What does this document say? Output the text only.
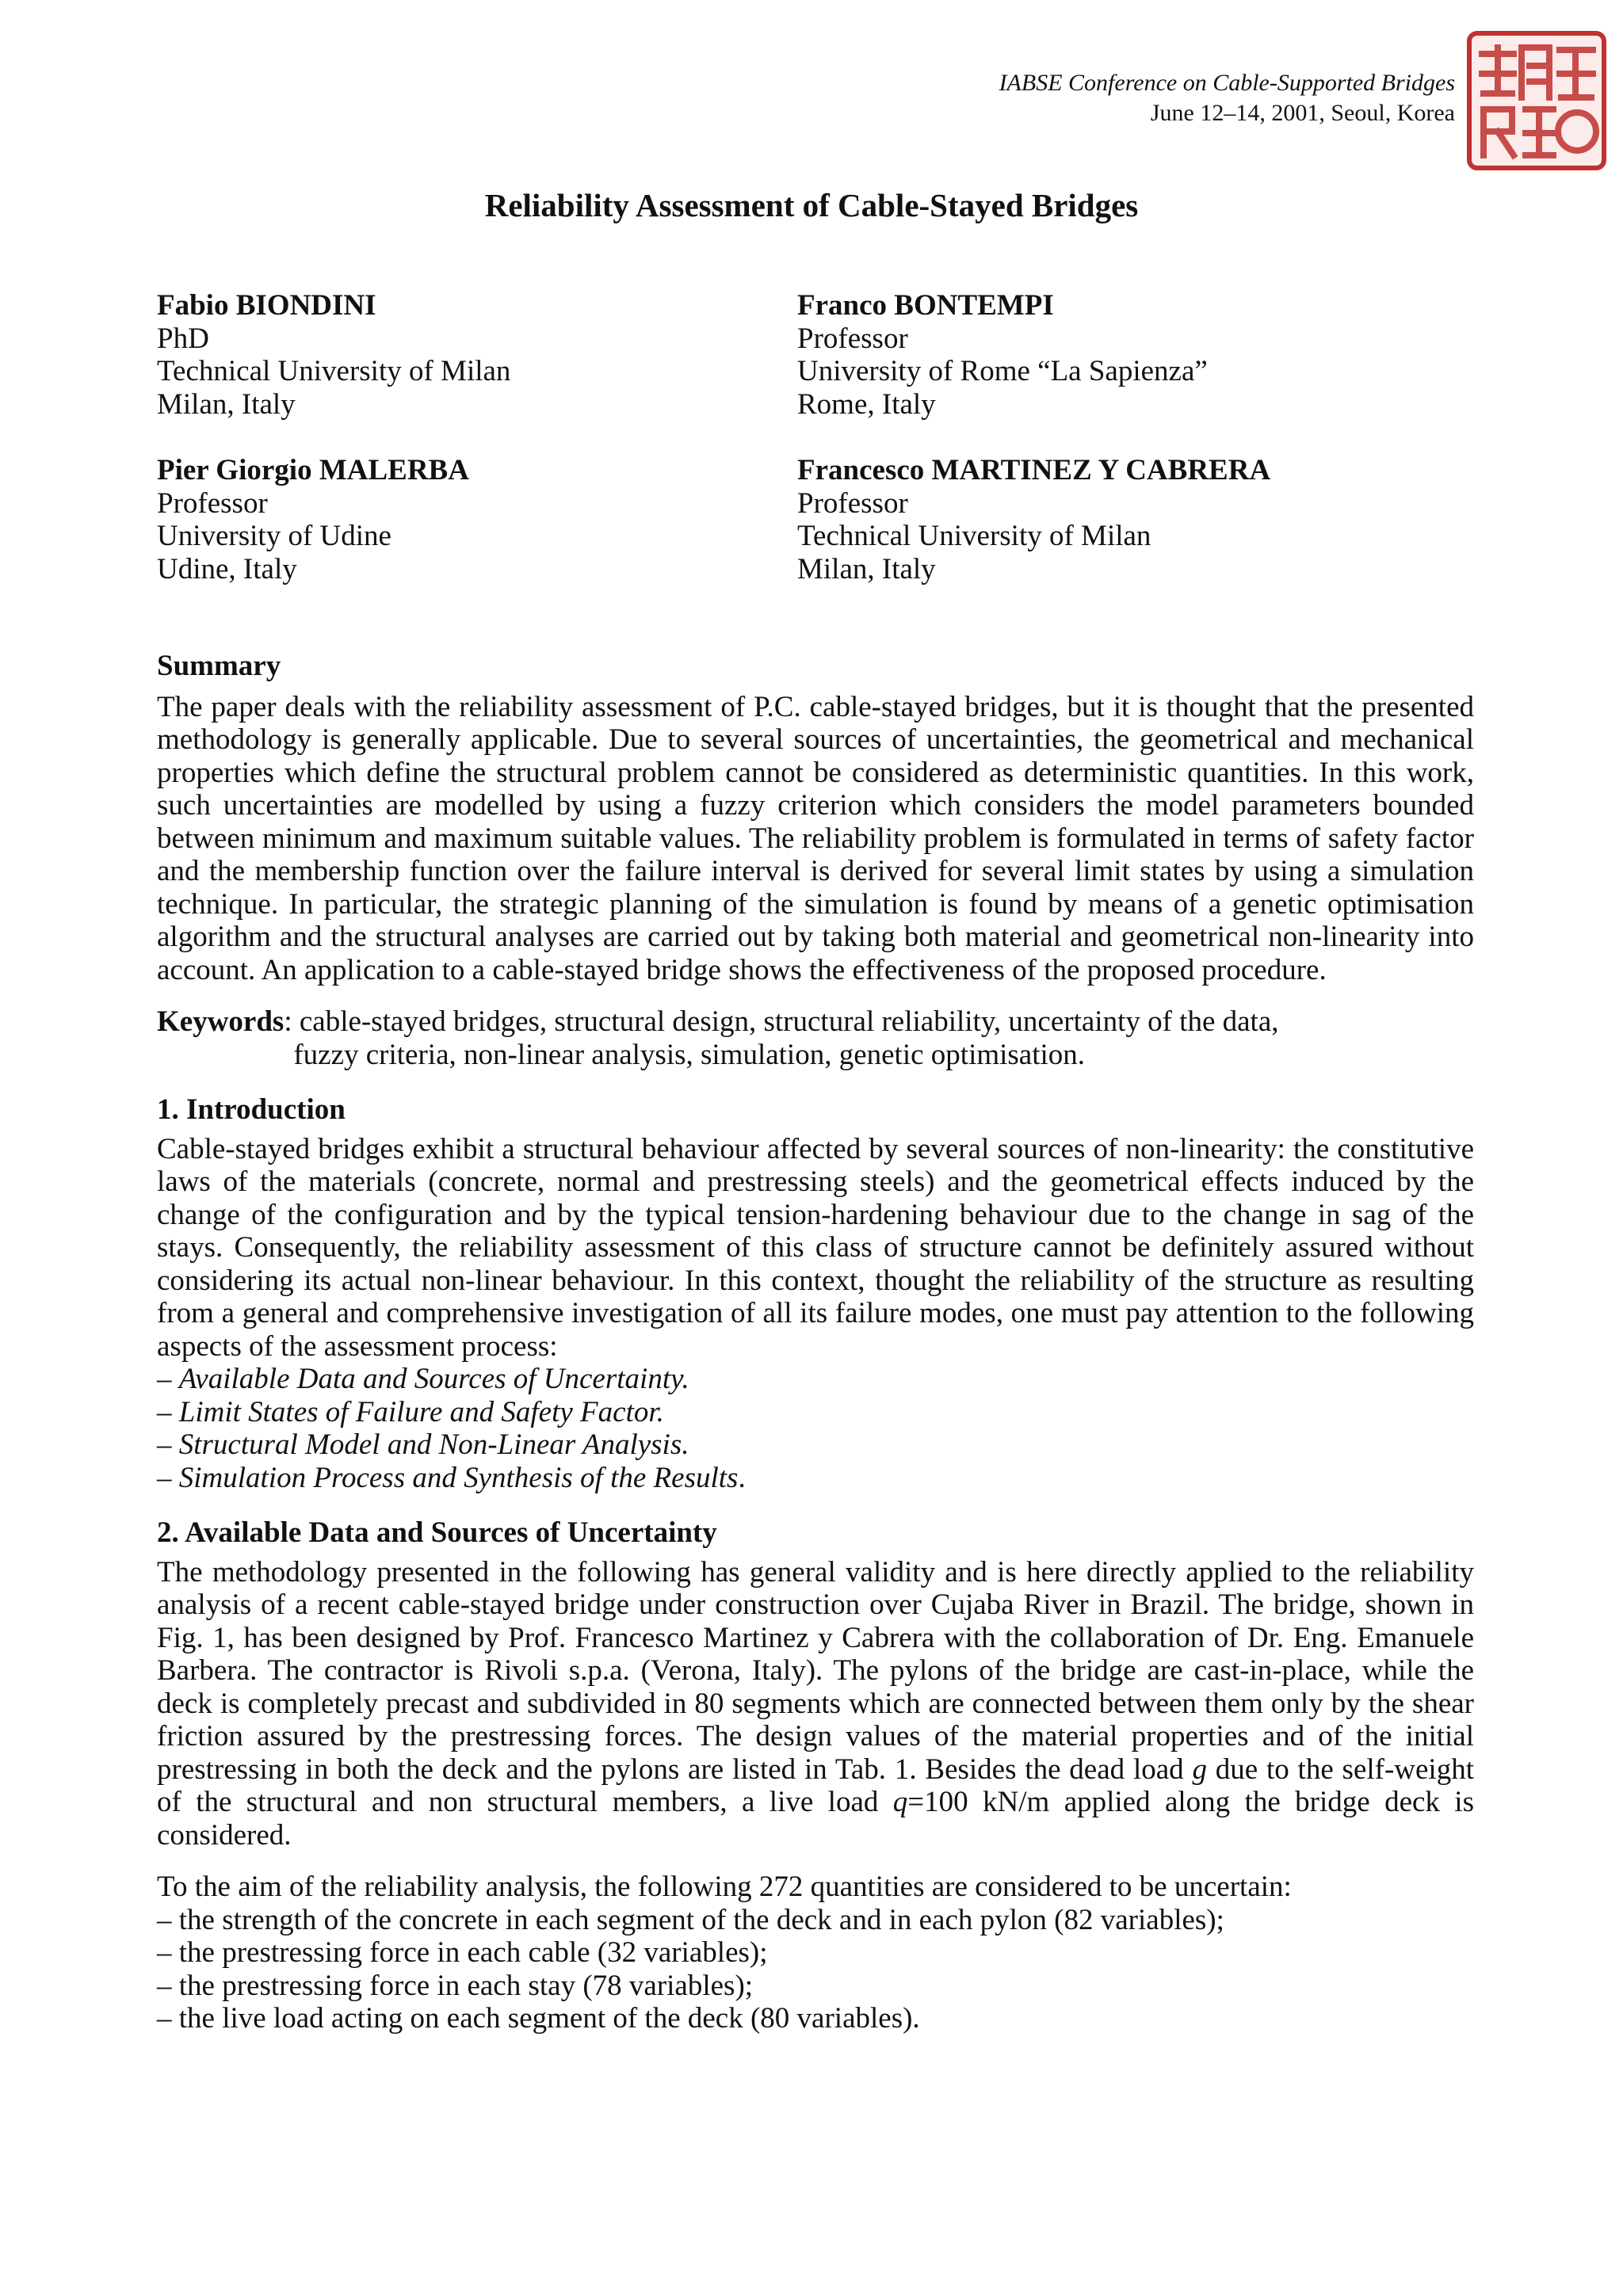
IABSE Conference on Cable-Supported Bridges
June 12–14, 2001, Seoul, Korea
Reliability Assessment of Cable-Stayed Bridges
Fabio BIONDINI
PhD
Technical University of Milan
Milan, Italy
Franco BONTEMPI
Professor
University of Rome “La Sapienza”
Rome, Italy
Pier Giorgio MALERBA
Professor
University of Udine
Udine, Italy
Francesco MARTINEZ Y CABRERA
Professor
Technical University of Milan
Milan, Italy
Summary

The paper deals with the reliability assessment of P.C. cable-stayed bridges, but it is thought that the presented methodology is generally applicable. Due to several sources of uncertainties, the geometrical and mechanical properties which define the structural problem cannot be considered as deterministic quantities. In this work, such uncertainties are modelled by using a fuzzy criterion which considers the model parameters bounded between minimum and maximum suitable values. The reliability problem is formulated in terms of safety factor and the membership function over the failure interval is derived for several limit states by using a simulation technique. In particular, the strategic planning of the simulation is found by means of a genetic optimisation algorithm and the structural analyses are carried out by taking both material and geometrical non-linearity into account. An application to a cable-stayed bridge shows the effectiveness of the proposed procedure.

Keywords : cable-stayed bridges, structural design, structural reliability, uncertainty of the data,
fuzzy criteria, non-linear analysis, simulation, genetic optimisation.
1. Introduction

Cable-stayed bridges exhibit a structural behaviour affected by several sources of non-linearity: the constitutive laws of the materials (concrete, normal and prestressing steels) and the geometrical effects induced by the change of the configuration and by the typical tension-hardening behaviour due to the change in sag of the stays. Consequently, the reliability assessment of this class of structure cannot be definitely assured without considering its actual non-linear behaviour. In this context, thought the reliability of the structure as resulting from a general and comprehensive investigation of all its failure modes, one must pay attention to the following aspects of the assessment process:

– Available Data and Sources of Uncertainty.
– Limit States of Failure and Safety Factor.
– Structural Model and Non-Linear Analysis.
– Simulation Process and Synthesis of the Results.
2. Available Data and Sources of Uncertainty

The methodology presented in the following has general validity and is here directly applied to the reliability analysis of a recent cable-stayed bridge under construction over Cujaba River in Brazil. The bridge, shown in Fig. 1, has been designed by Prof. Francesco Martinez y Cabrera with the collaboration of Dr. Eng. Emanuele Barbera. The contractor is Rivoli s.p.a. (Verona, Italy). The pylons of the bridge are cast-in-place, while the deck is completely precast and subdivided in 80 segments which are connected between them only by the shear friction assured by the prestressing forces. The design values of the material properties and of the initial prestressing in both the deck and the pylons are listed in Tab. 1. Besides the dead load g due to the self-weight of the structural and non structural members, a live load q=100 kN/m applied along the bridge deck is considered.

To the aim of the reliability analysis, the following 272 quantities are considered to be uncertain:

– the strength of the concrete in each segment of the deck and in each pylon (82 variables);
– the prestressing force in each cable (32 variables);
– the prestressing force in each stay (78 variables);
– the live load acting on each segment of the deck (80 variables).
